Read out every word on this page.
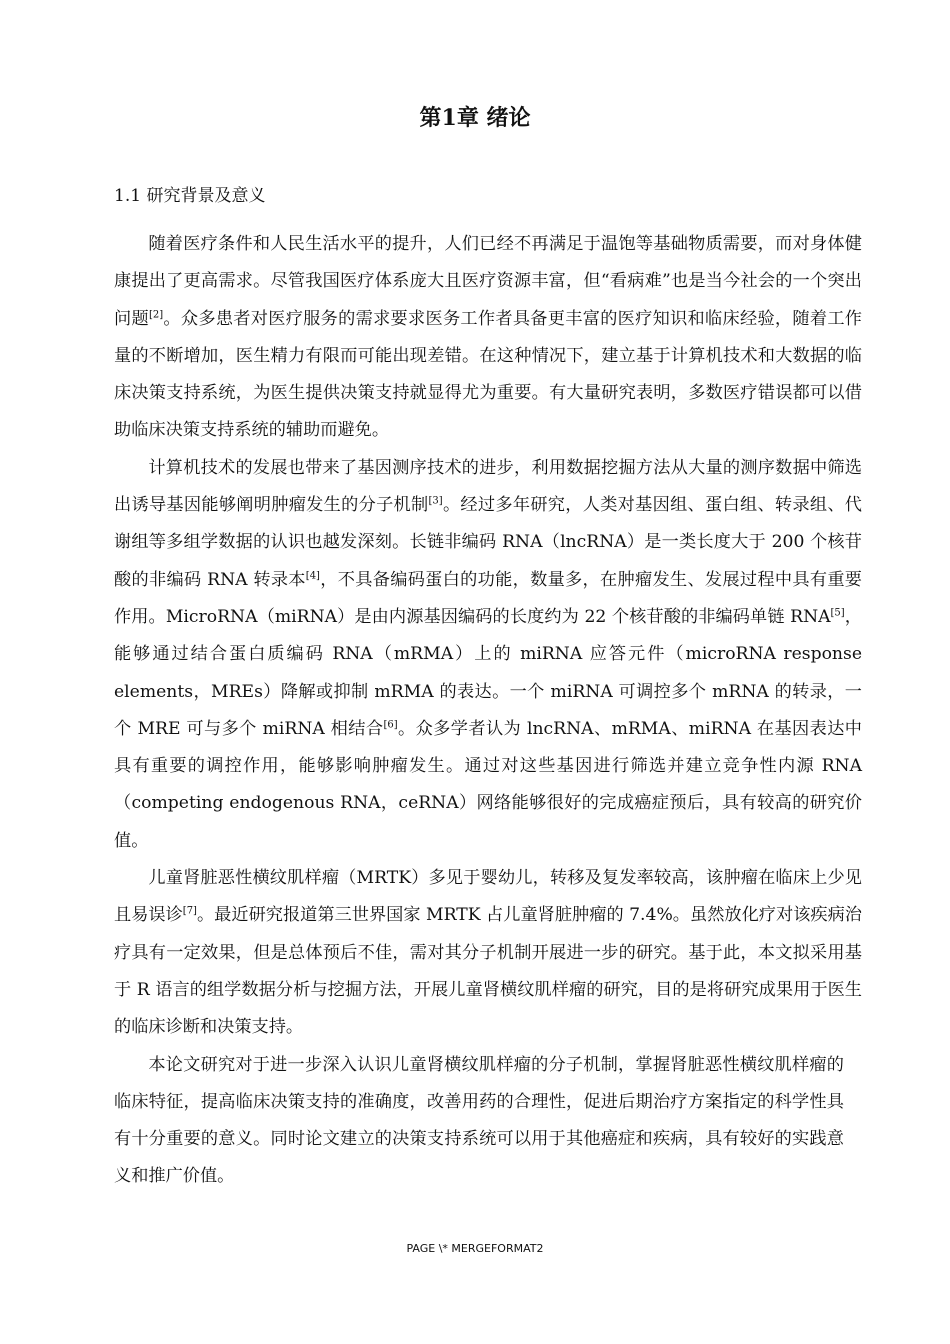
第1章 绪论
1.1 研究背景及意义

随着医疗条件和人民生活水平的提升，人们已经不再满足于温饱等基础物质需要，而对身体健康提出了更高需求。尽管我国医疗体系庞大且医疗资源丰富，但“看病难”也是当今社会的一个突出问题[2]。众多患者对医疗服务的需求要求医务工作者具备更丰富的医疗知识和临床经验，随着工作量的不断增加，医生精力有限而可能出现差错。在这种情况下，建立基于计算机技术和大数据的临床决策支持系统，为医生提供决策支持就显得尤为重要。有大量研究表明，多数医疗错误都可以借助临床决策支持系统的辅助而避免。

计算机技术的发展也带来了基因测序技术的进步，利用数据挖掘方法从大量的测序数据中筛选出诱导基因能够阐明肿瘤发生的分子机制[3]。经过多年研究，人类对基因组、蛋白组、转录组、代谢组等多组学数据的认识也越发深刻。长链非编码 RNA（lncRNA）是一类长度大于 200 个核苷酸的非编码 RNA 转录本[4]，不具备编码蛋白的功能，数量多，在肿瘤发生、发展过程中具有重要作用。MicroRNA（miRNA）是由内源基因编码的长度约为 22 个核苷酸的非编码单链 RNA[5]，能够通过结合蛋白质编码 RNA（mRMA）上的 miRNA 应答元件（microRNA response elements，MREs）降解或抑制 mRMA 的表达。一个 miRNA 可调控多个 mRNA 的转录，一个 MRE 可与多个 miRNA 相结合[6]。众多学者认为 lncRNA、mRMA、miRNA 在基因表达中具有重要的调控作用，能够影响肿瘤发生。通过对这些基因进行筛选并建立竞争性内源 RNA（competing endogenous RNA，ceRNA）网络能够很好的完成癌症预后，具有较高的研究价值。

儿童肾脏恶性横纹肌样瘤（MRTK）多见于婴幼儿，转移及复发率较高，该肿瘤在临床上少见且易误诊[7]。最近研究报道第三世界国家 MRTK 占儿童肾脏肿瘤的 7.4%。虽然放化疗对该疾病治疗具有一定效果，但是总体预后不佳，需对其分子机制开展进一步的研究。基于此，本文拟采用基于 R 语言的组学数据分析与挖掘方法，开展儿童肾横纹肌样瘤的研究，目的是将研究成果用于医生的临床诊断和决策支持。

本论文研究对于进一步深入认识儿童肾横纹肌样瘤的分子机制，掌握肾脏恶性横纹肌样瘤的临床特征，提高临床决策支持的准确度，改善用药的合理性，促进后期治疗方案指定的科学性具有十分重要的意义。同时论文建立的决策支持系统可以用于其他癌症和疾病，具有较好的实践意义和推广价值。

PAGE \* MERGEFORMAT2
